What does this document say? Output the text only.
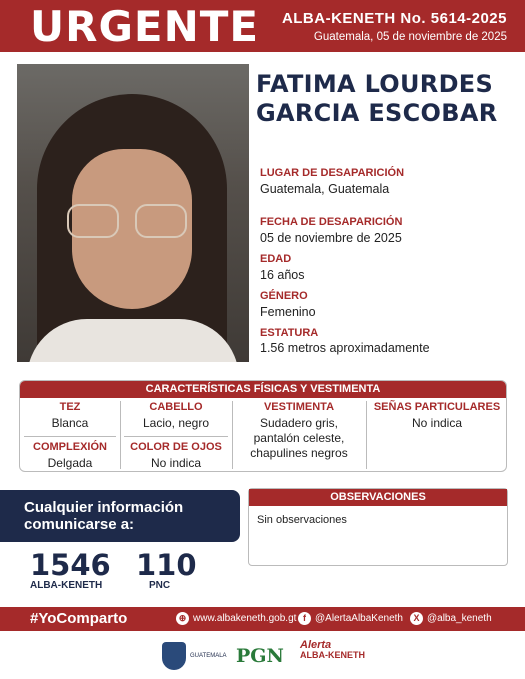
URGENTE ALBA-KENETH No. 5614-2025
Guatemala, 05 de noviembre de 2025
FATIMA LOURDES
GARCIA ESCOBAR
LUGAR DE DESAPARICIÓN
Guatemala, Guatemala
FECHA DE DESAPARICIÓN
05 de noviembre de 2025
EDAD
16 años
GÉNERO
Femenino
ESTATURA
1.56 metros aproximadamente
CARACTERÍSTICAS FÍSICAS Y VESTIMENTA
TEZ
Blanca
CABELLO
Lacio, negro
VESTIMENTA
Sudadero gris,
pantalón celeste,
chapulines negros
SEÑAS PARTICULARES
No indica
COMPLEXIÓN
Delgada
COLOR DE OJOS
No indica
Cualquier información
comunicarse a:
1546
ALBA-KENETH
110
PNC
OBSERVACIONES
Sin observaciones
#YoComparto	⊕ www.albakeneth.gob.gt f @AlertaAlbaKeneth	X @alba_keneth
GUATEMALA PGN Alerta
ALBA-KENETH
